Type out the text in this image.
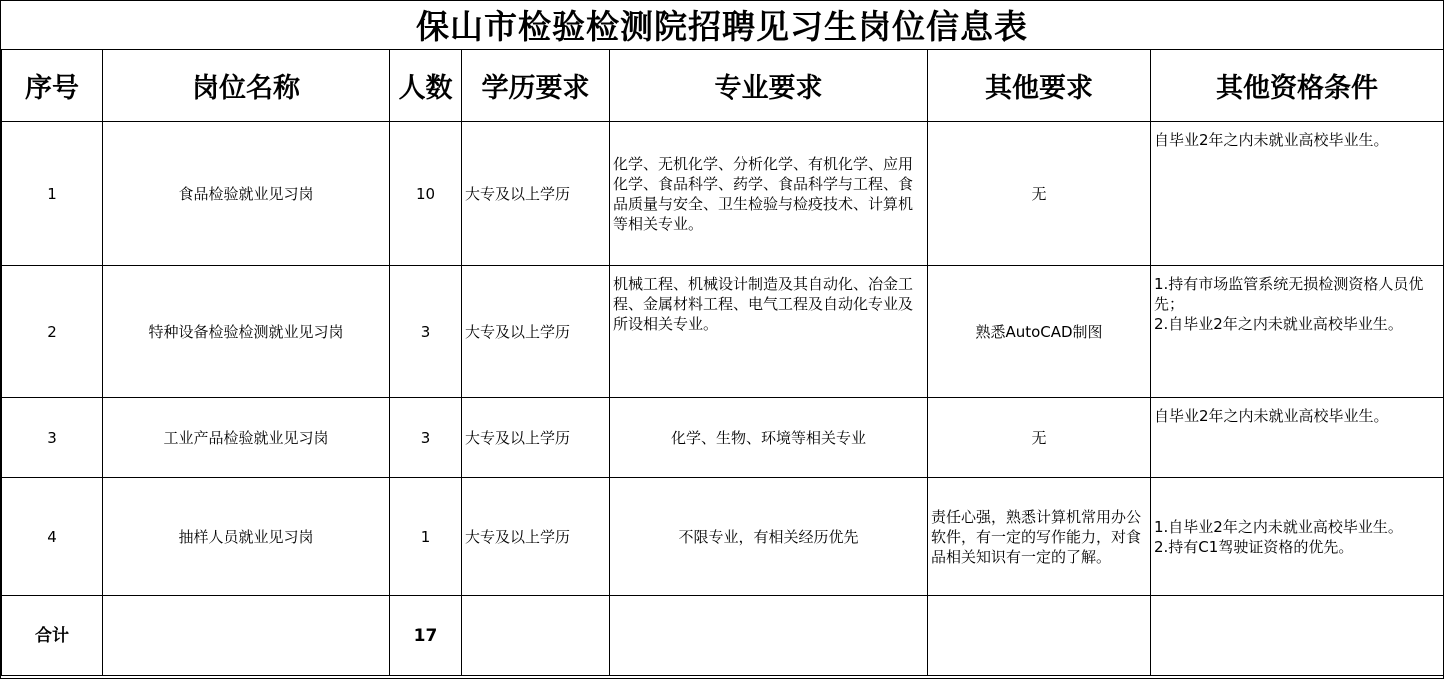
保山市检验检测院招聘见习生岗位信息表
序号	岗位名称	人数	学历要求	专业要求	其他要求	其他资格条件
1	食品检验就业见习岗	10	大专及以上学历	化学、无机化学、分析化学、有机化学、应用化学、食品科学、药学、食品科学与工程、食品质量与安全、卫生检验与检疫技术、计算机等相关专业。	无	自毕业2年之内未就业高校毕业生。

2	特种设备检验检测就业见习岗	3	大专及以上学历	机械工程、机械设计制造及其自动化、冶金工程、金属材料工程、电气工程及自动化专业及所设相关专业。	熟悉AutoCAD制图	1.持有市场监管系统无损检测资格人员优先；
2.自毕业2年之内未就业高校毕业生。

3	工业产品检验就业见习岗	3	大专及以上学历	化学、生物、环境等相关专业	无	自毕业2年之内未就业高校毕业生。

4	抽样人员就业见习岗	1	大专及以上学历	不限专业，有相关经历优先	责任心强，熟悉计算机常用办公软件，有一定的写作能力，对食品相关知识有一定的了解。	1.自毕业2年之内未就业高校毕业生。
2.持有C1驾驶证资格的优先。

合计		17				
